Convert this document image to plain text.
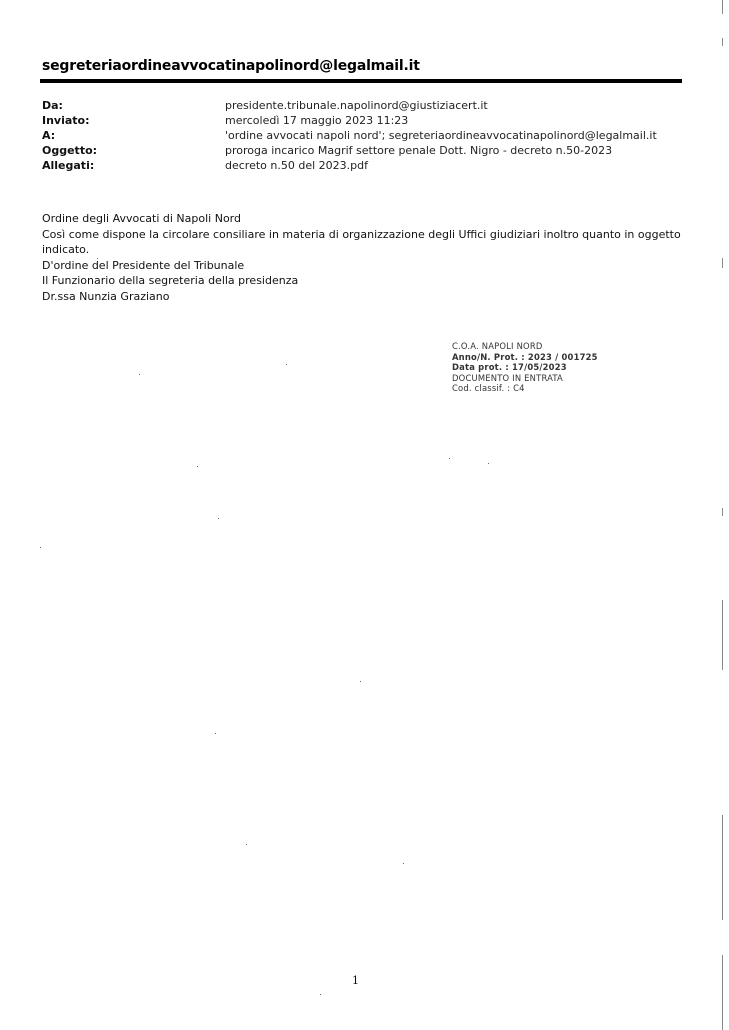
segreteriaordineavvocatinapolinord@legalmail.it
Da:	presidente.tribunale.napolinord@giustiziacert.it
Inviato:	mercoledì 17 maggio 2023 11:23
A:	'ordine avvocati napoli nord'; segreteriaordineavvocatinapolinord@legalmail.it
Oggetto:	proroga incarico Magrif settore penale Dott. Nigro - decreto n.50-2023
Allegati:	decreto n.50 del 2023.pdf

Ordine degli Avvocati di Napoli Nord

Così come dispone la circolare consiliare in materia di organizzazione degli Uffici giudiziari inoltro quanto in oggetto indicato.

D'ordine del Presidente del Tribunale

Il Funzionario della segreteria della presidenza

Dr.ssa Nunzia Graziano

C.O.A. NAPOLI NORD
Anno/N. Prot. : 2023 / 001725
Data prot. : 17/05/2023
DOCUMENTO IN ENTRATA
Cod. classif. : C4
1
